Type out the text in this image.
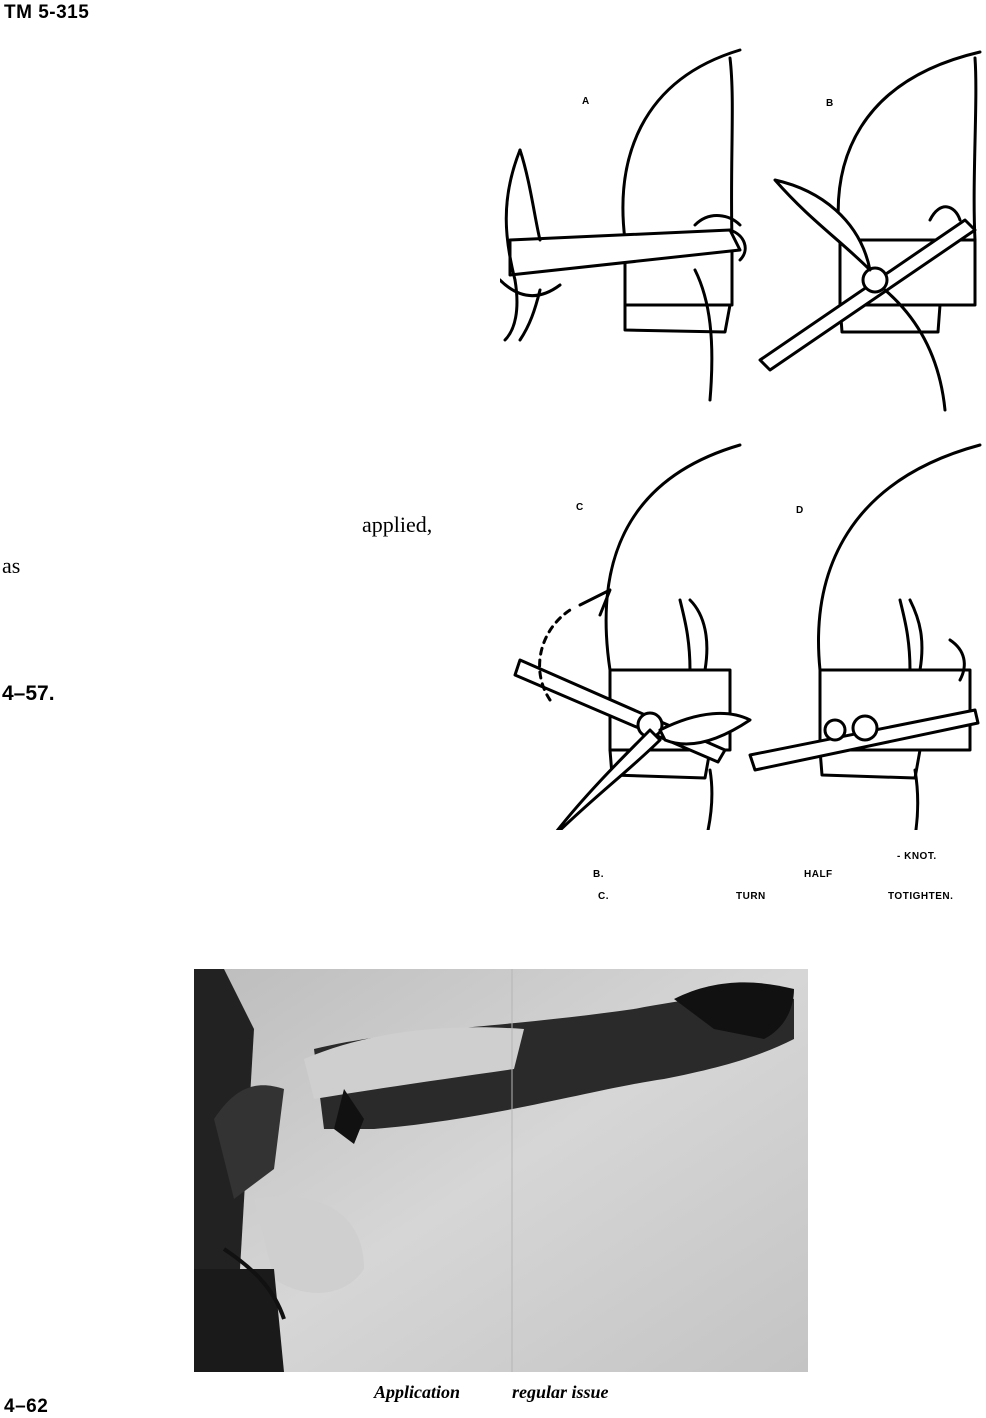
TM 5-315
applied,
as
4–57.
A	B
C	D
- KNOT.
B.	HALF
C.	TURN	TOTIGHTEN.
Application	regular issue
4–62
